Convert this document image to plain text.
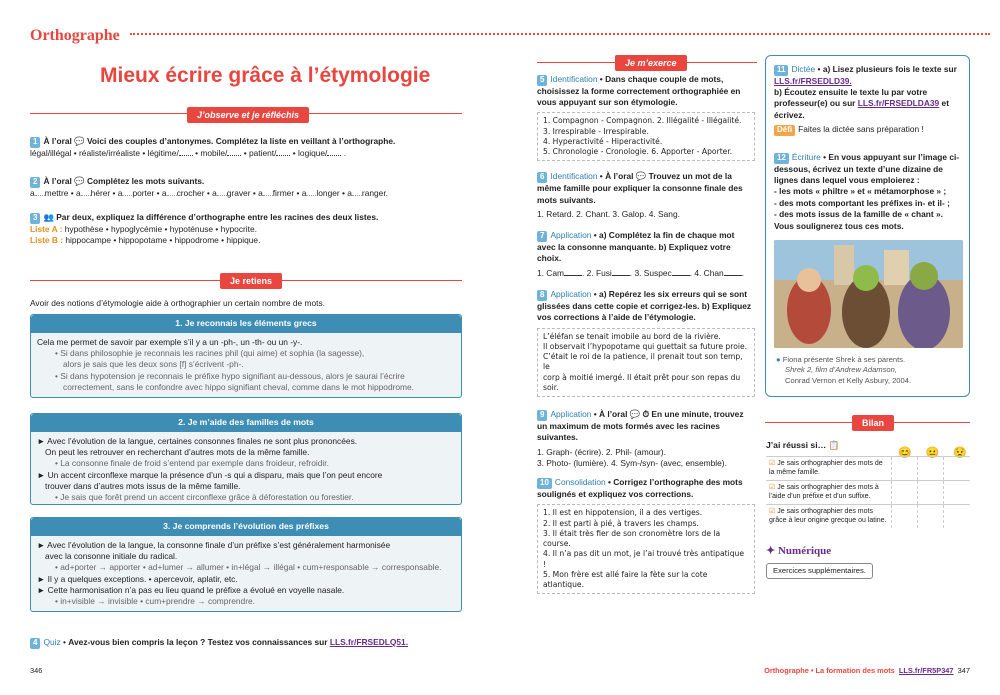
Orthographe
Mieux écrire grâce à l’étymologie
J’observe et je réfléchis
1 À l’oral 💬 Voici des couples d’antonymes. Complétez la liste en veillant à l’orthographe.
légal/illégal • réaliste/irréaliste • légitime/ • mobile/ • patient/ • logique/ .
2 À l’oral 💬 Complétez les mots suivants.
a mettre • a hérer • a porter • a crocher • a graver • a firmer • a longer • a ranger.
3 👥 Par deux, expliquez la différence d’orthographe entre les racines des deux listes.
Liste A : hypothèse • hypoglycémie • hypoténuse • hypocrite.
Liste B : hippocampe • hippopotame • hippodrome • hippique.
Je retiens
Avoir des notions d’étymologie aide à orthographier un certain nombre de mots.
1. Je reconnais les éléments grecs
Cela me permet de savoir par exemple s’il y a un -ph-, un -th- ou un -y-.
• Si dans philosophie je reconnais les racines phil (qui aime) et sophia (la sagesse),
alors je sais que les deux sons [f] s’écrivent -ph-.
• Si dans hypotension je reconnais le préfixe hypo signifiant au-dessous, alors je saurai l’écrire
correctement, sans le confondre avec hippo signifiant cheval, comme dans le mot hippodrome.
2. Je m’aide des familles de mots
► Avec l’évolution de la langue, certaines consonnes finales ne sont plus prononcées.
On peut les retrouver en recherchant d’autres mots de la même famille.
• La consonne finale de froid s’entend par exemple dans froideur, refroidir.
► Un accent circonflexe marque la présence d’un -s qui a disparu, mais que l’on peut encore
trouver dans d’autres mots issus de la même famille.
• Je sais que forêt prend un accent circonflexe grâce à déforestation ou forestier.
3. Je comprends l’évolution des préfixes
► Avec l’évolution de la langue, la consonne finale d’un préfixe s’est généralement harmonisée
avec la consonne initiale du radical.
• ad+porter → apporter • ad+lumer → allumer • in+légal → illégal • cum+responsable → corresponsable.
► Il y a quelques exceptions. • apercevoir, aplatir, etc.
► Cette harmonisation n’a pas eu lieu quand le préfixe a évolué en voyelle nasale.
• in+visible → invisible • cum+prendre → comprendre.
4 Quiz • Avez-vous bien compris la leçon ? Testez vos connaissances sur LLS.fr/FRSEDLQ51.
346	Orthographe • La formation des mots LLS.fr/FR5P347 347
Je m’exerce
5 Identification • Dans chaque couple de mots, choisissez la forme correctement orthographiée en vous appuyant sur son étymologie.
1. Compagnon - Compagnon. 2. Illégalité - Illégalité.
3. Irrespirable - Irrespirable.
4. Hyperactivité - Hiperactivité.
5. Chronologie - Cronologie. 6. Apporter - Aporter.
6 Identification • À l’oral 💬 Trouvez un mot de la même famille pour expliquer la consonne finale des mots suivants.
1. Retard. 2. Chant. 3. Galop. 4. Sang.
7 Application • a) Complétez la fin de chaque mot avec la consonne manquante. b) Expliquez votre choix.
1. Cam . 2. Fusi . 3. Suspec . 4. Chan .
8 Application • a) Repérez les six erreurs qui se sont glissées dans cette copie et corrigez-les. b) Expliquez vos corrections à l’aide de l’étymologie.
L’éléfan se tenait imobile au bord de la rivière.
Il observait l’hypopotame qui guettait sa future proie.
C’était le roi de la patience, il prenait tout son temp, le
corp à moitié imergé. Il était prêt pour son repas du soir.
9 Application • À l’oral 💬 ⏱ En une minute, trouvez un maximum de mots formés avec les racines suivantes.
1. Graph- (écrire). 2. Phil- (amour).
3. Photo- (lumière). 4. Sym-/syn- (avec, ensemble).
10 Consolidation • Corrigez l’orthographe des mots soulignés et expliquez vos corrections.
1. Il est en hippotension, il a des vertiges.
2. Il est parti à pié, à travers les champs.
3. Il était très fier de son cronomètre lors de la course.
4. Il n’a pas dit un mot, je l’ai trouvé très antipatique !
5. Mon frère est allé faire la fète sur la cote
atlantique.
11 Dictée • a) Lisez plusieurs fois le texte sur LLS.fr/FRSEDLD39.
b) Écoutez ensuite le texte lu par votre professeur(e) ou sur LLS.fr/FRSEDLDA39 et écrivez.
Défi Faites la dictée sans préparation !
12 Écriture • En vous appuyant sur l’image ci-dessous, écrivez un texte d’une dizaine de lignes dans lequel vous emploierez :
- les mots « philtre » et « métamorphose » ;
- des mots comportant les préfixes in- et il- ;
- des mots issus de la famille de « chant ».
Vous soulignerez tous ces mots.
● Fiona présente Shrek à ses parents.
Shrek 2, film d’Andrew Adamson,
Conrad Vernon et Kelly Asbury, 2004.
Bilan
J’ai réussi si… 📋
😊😐😟
☑ Je sais orthographier des mots de la même famille.			
☑ Je sais orthographier des mots à l’aide d’un préfixe et d’un suffixe.			
☑ Je sais orthographier des mots grâce à leur origine grecque ou latine.			
✦ Numérique
Exercices supplémentaires.
